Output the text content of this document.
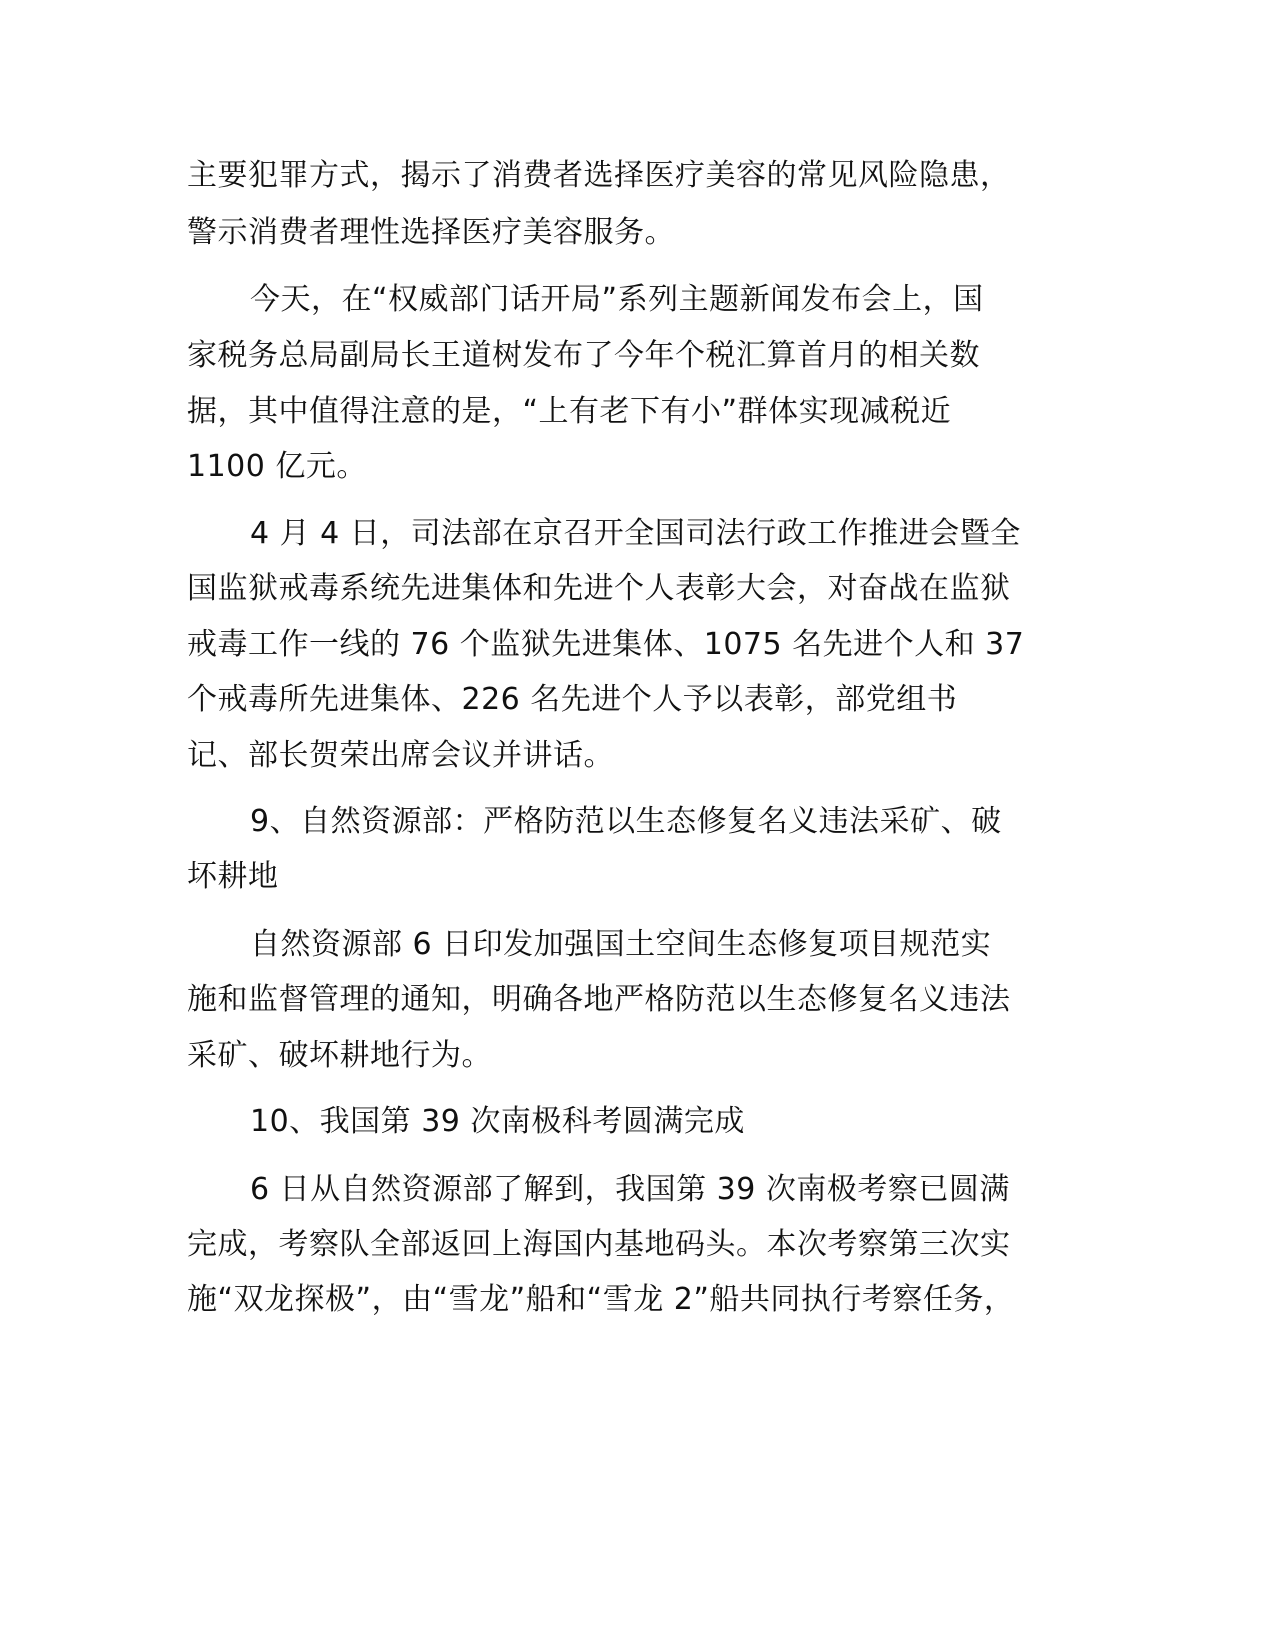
主要犯罪方式，揭示了消费者选择医疗美容的常见风险隐患，

警示消费者理性选择医疗美容服务。

今天，在“权威部门话开局”系列主题新闻发布会上，国

家税务总局副局长王道树发布了今年个税汇算首月的相关数

据，其中值得注意的是，“上有老下有小”群体实现减税近

1100 亿元。

4 月 4 日，司法部在京召开全国司法行政工作推进会暨全

国监狱戒毒系统先进集体和先进个人表彰大会，对奋战在监狱

戒毒工作一线的 76 个监狱先进集体、1075 名先进个人和 37

个戒毒所先进集体、226 名先进个人予以表彰，部党组书

记、部长贺荣出席会议并讲话。

9、自然资源部：严格防范以生态修复名义违法采矿、破

坏耕地

自然资源部 6 日印发加强国土空间生态修复项目规范实

施和监督管理的通知，明确各地严格防范以生态修复名义违法

采矿、破坏耕地行为。

10、我国第 39 次南极科考圆满完成

6 日从自然资源部了解到，我国第 39 次南极考察已圆满

完成，考察队全部返回上海国内基地码头。本次考察第三次实

施“双龙探极”，由“雪龙”船和“雪龙 2”船共同执行考察任务，
